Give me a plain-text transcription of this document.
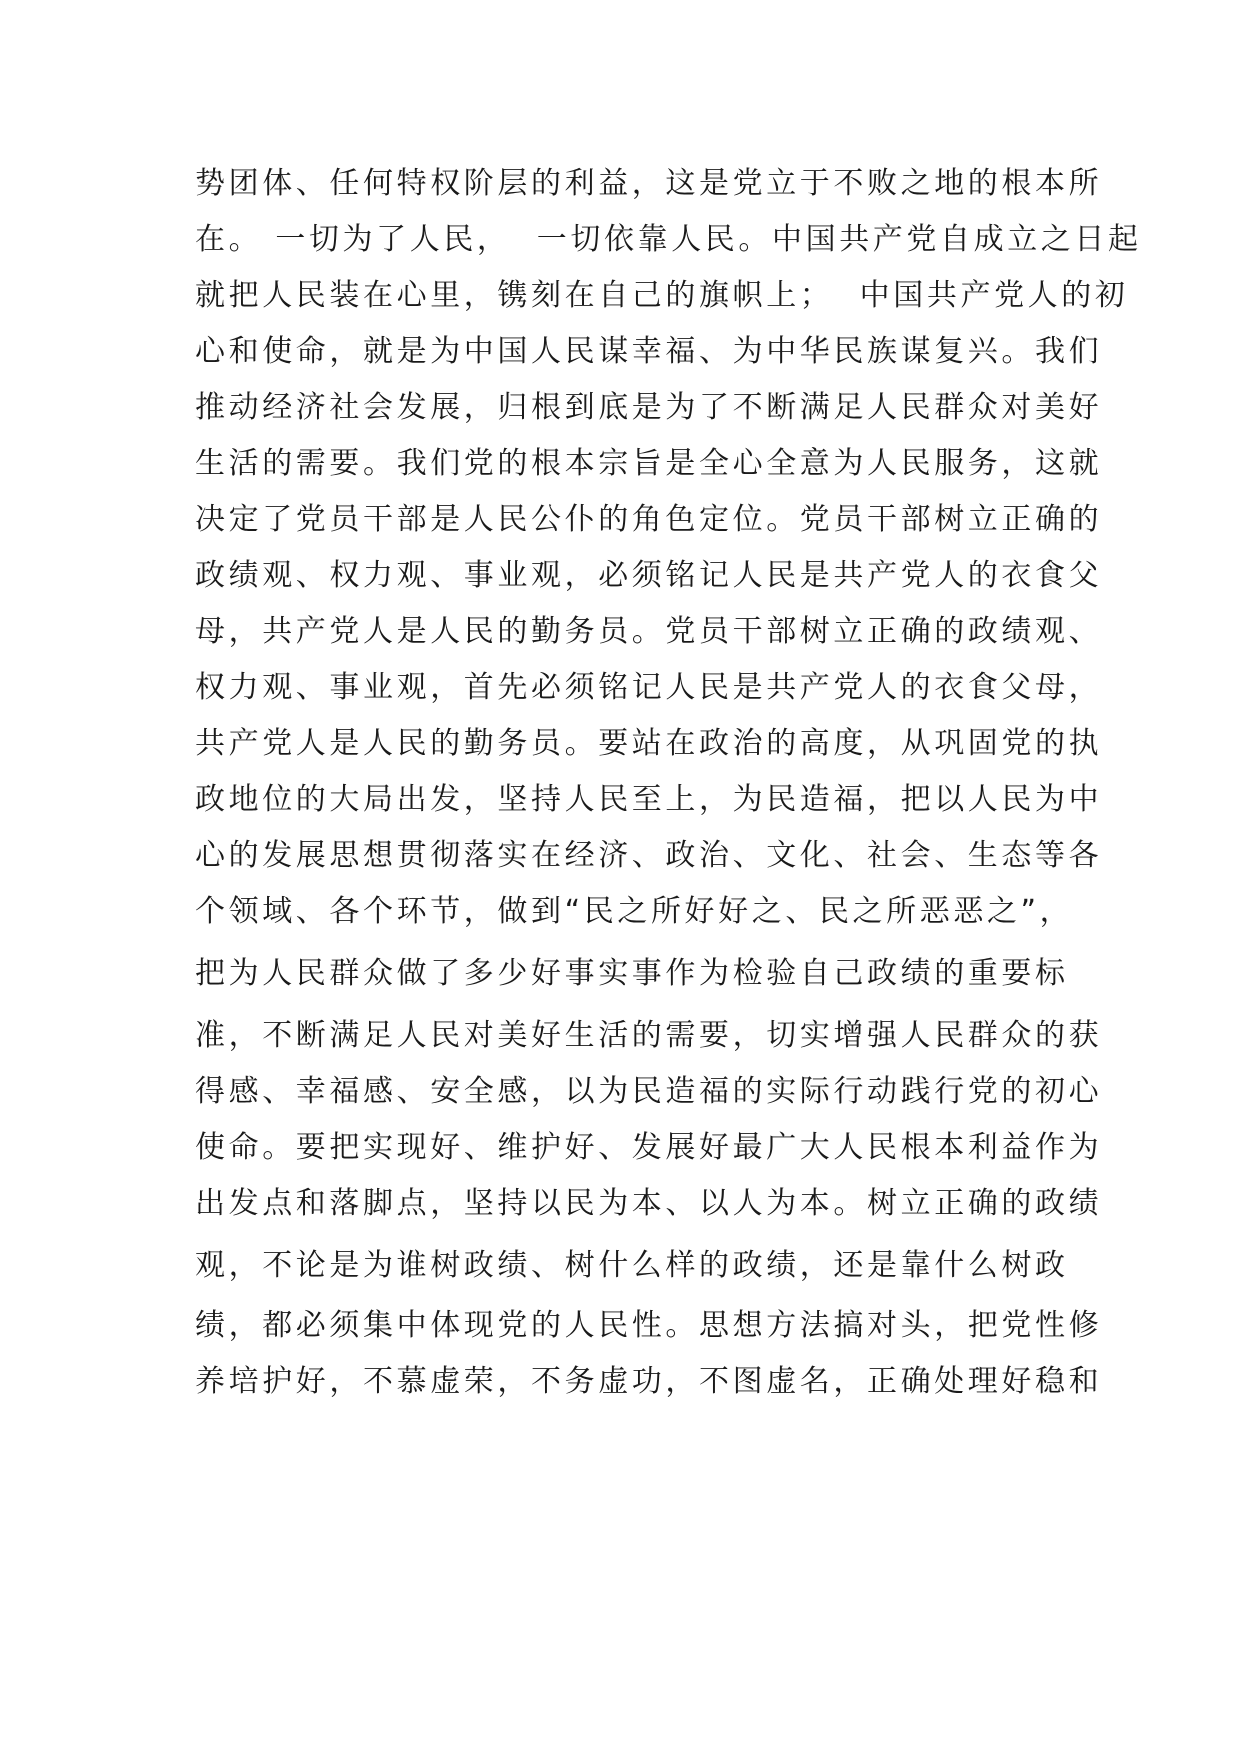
势团体、任何特权阶层的利益，这是党立于不败之地的根本所
在。 一切为了人民，  一切依靠人民。中国共产党自成立之日起
就把人民装在心里，镌刻在自己的旗帜上；  中国共产党人的初
心和使命，就是为中国人民谋幸福、为中华民族谋复兴。我们
推动经济社会发展，归根到底是为了不断满足人民群众对美好
生活的需要。我们党的根本宗旨是全心全意为人民服务，这就
决定了党员干部是人民公仆的角色定位。党员干部树立正确的
政绩观、权力观、事业观，必须铭记人民是共产党人的衣食父
母，共产党人是人民的勤务员。党员干部树立正确的政绩观、
权力观、事业观，首先必须铭记人民是共产党人的衣食父母，
共产党人是人民的勤务员。要站在政治的高度，从巩固党的执
政地位的大局出发，坚持人民至上，为民造福，把以人民为中
心的发展思想贯彻落实在经济、政治、文化、社会、生态等各
个领域、各个环节，做到“民之所好好之、民之所恶恶之”，
把为人民群众做了多少好事实事作为检验自己政绩的重要标
准，不断满足人民对美好生活的需要，切实增强人民群众的获
得感、幸福感、安全感，以为民造福的实际行动践行党的初心
使命。要把实现好、维护好、发展好最广大人民根本利益作为
出发点和落脚点，坚持以民为本、以人为本。树立正确的政绩
观，不论是为谁树政绩、树什么样的政绩，还是靠什么树政
绩，都必须集中体现党的人民性。思想方法搞对头，把党性修
养培护好，不慕虚荣，不务虚功，不图虚名，正确处理好稳和
